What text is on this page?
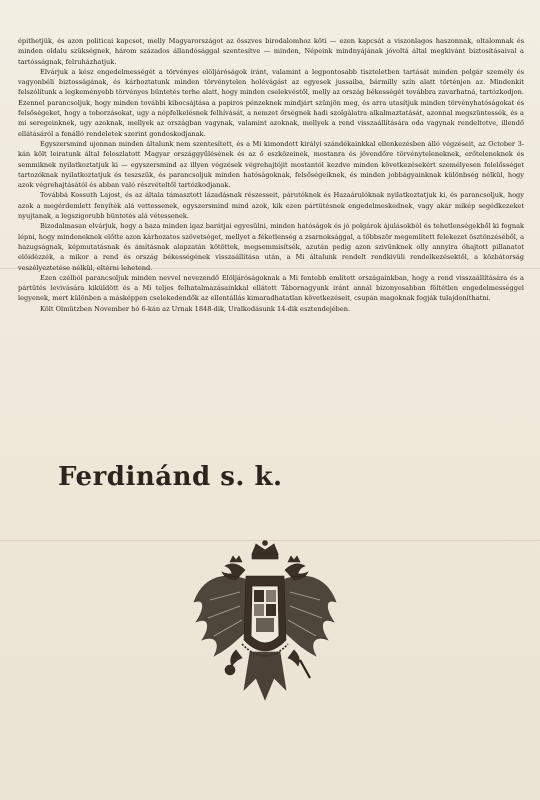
épithetjük, és azon politicai kapcsot, melly Magyarországot az összves birodalomhoz köti — ezen kapcsát a viszonlagos haszonnak, oltalomnak és minden oldalu szükségnek, három százados állandósággal szentesítve — minden, Népeink mindnyájának jóvoltá által megkivánt biztosításaival a tartósságnak, felruházhatjuk.

Elvárjuk a kész engedelmességét a törvényes elöljáróságok iránt, valamint a legpontosabb tiszteletben tartását minden polgár személy és vagyonbéli biztosságának, és kárhoztatunk minden törvénytelen holévágást az egyesek jussaiba, bármilly szín alatt történjen az. Mindenkit felszólítunk a legkeményebb törvényes büntetés terhe alatt, hogy minden cselekvéstől, melly az ország békességét továbbra zavarhatná, tartózkodjon. Ezennel parancsoljuk, hogy minden további kibocsájtása a papiros pénzeknek mindjárt szünjön meg, és arra utasítjuk minden törvényhatóságokat és felsőségeket, hogy a toborzásokat, ugy a népfelkelésnek felhívását, a nemzet őrségnek hadi szolgálatra alkalmaztatását, azonnal megszüntessék, és a mi seregeinknek, ugy azoknak, mellyek az országban vagynak, valamint azoknak, mellyek a rend visszaállítására oda vagynak rendeltetve, illendő ellátásáról a fenálló rendeletek szerint gondoskodjanak.

Egyszersmind ujonnan minden általunk nem szentesített, és a Mi kimondott királyi szándékainkkal ellenkezésben álló végzéseit, az October 3-kán költ leiratunk által feloszlatott Magyar országgyűlésének és az ő eszközeinek, mostanra és jövendőre törvényteleneknek, erőteleneknek és semmiknek nyilatkoztatjuk ki — egyszersmind az illyen végzések végrehajtójit mostantól kezdve minden következésekért személyesen felelősséget tartozóknak nyilatkoztatjuk és teszszük, és parancsoljuk minden hatóságoknak, felsőségeiknek, és minden jobbágyainknak különbség nélkül, hogy azok végrehajtásától és abban való részvételtől tartózkodjanak.

Továbbá Kossuth Lajost, és az általa támasztott lázadásnak részesseit, párutóknek és Hazaárulóknak nyilatkoztatjuk ki, és parancsoljuk, hogy azok a megérdemlett fenyíték alá vettessenek, egyszersmind mind azok, kik ezen pártütésnek engedelmeskednek, vagy akár mikép segédkezeket nyujtanak, a legszigorubb büntetés alá vétessenek.

Bizodalmasan elvárjuk, hogy a haza minden igaz barátjai egyesülni, minden hatóságok és jó polgárok ájulásokból és tehetlenségekből ki fognak lépni, hogy mindeneknek előtte azon kárhozatos szövetséget, mellyet a féketlenség a zsarnoksággal, a többször megemlített felekezet ösztönzéséből, a hazugságnak, képmutatásnak és ámításnak alapzatán kötöttek, megsemmisítsék, azután pedig azon szivünknek olly annyira óhajtott pillanatot elöidézzék, a mikor a rend és ország békességének visszaállítása után, a Mi általunk rendelt rendkivüli rendelkezésektől, a közbátorság veszélyeztetése nélkül, eltérni lehetend.

Ezen czélból parancsoljuk minden nevvel nevezendő Elöljáróságoknak a Mi fentebb említett országainkban, hogy a rend visszaállítására és a pártütés levivására kiküldött és a Mi teljes felhatalmazásainkkal ellátott Tábornagyunk iránt annál bizonyosabban föltétlen engedelmességgel legyenek, mert különben a másképpen cselekedendők az ellentállás kimaradhatatlan következéseit, csupán magoknak fogják tulajdoníthatni.

Költ Olmützben November hó 6-kán az Urnak 1848-dik, Uralkodásunk 14-dik esztendejében.

Ferdinánd s. k.
